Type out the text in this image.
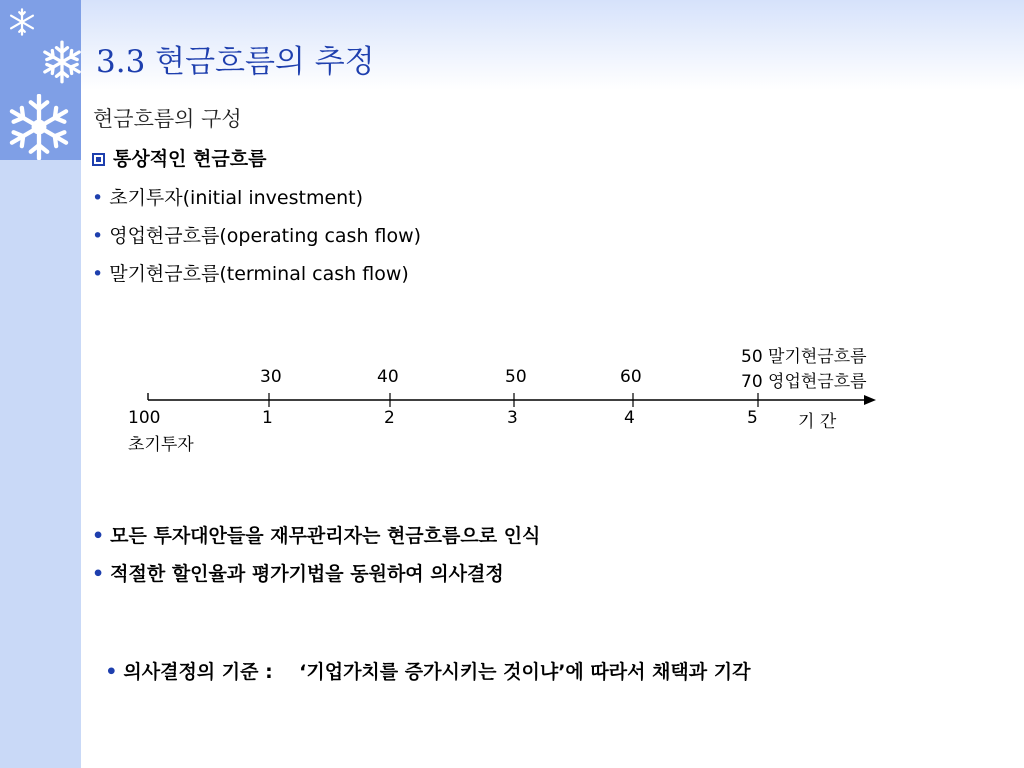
3.3 현금흐름의 추정
현금흐름의 구성
통상적인 현금흐름
• 초기투자(initial investment)
• 영업현금흐름(operating cash flow)
• 말기현금흐름(terminal cash flow)
30	40	50	60
50 말기현금흐름
70 영업현금흐름
100
초기투자
1	2	3	4	5 기 간
• 모든 투자대안들을 재무관리자는 현금흐름으로 인식
• 적절한 할인율과 평가기법을 동원하여 의사결정

• 의사결정의 기준 :    ‘기업가치를 증가시키는 것이냐’에 따라서 채택과 기각
